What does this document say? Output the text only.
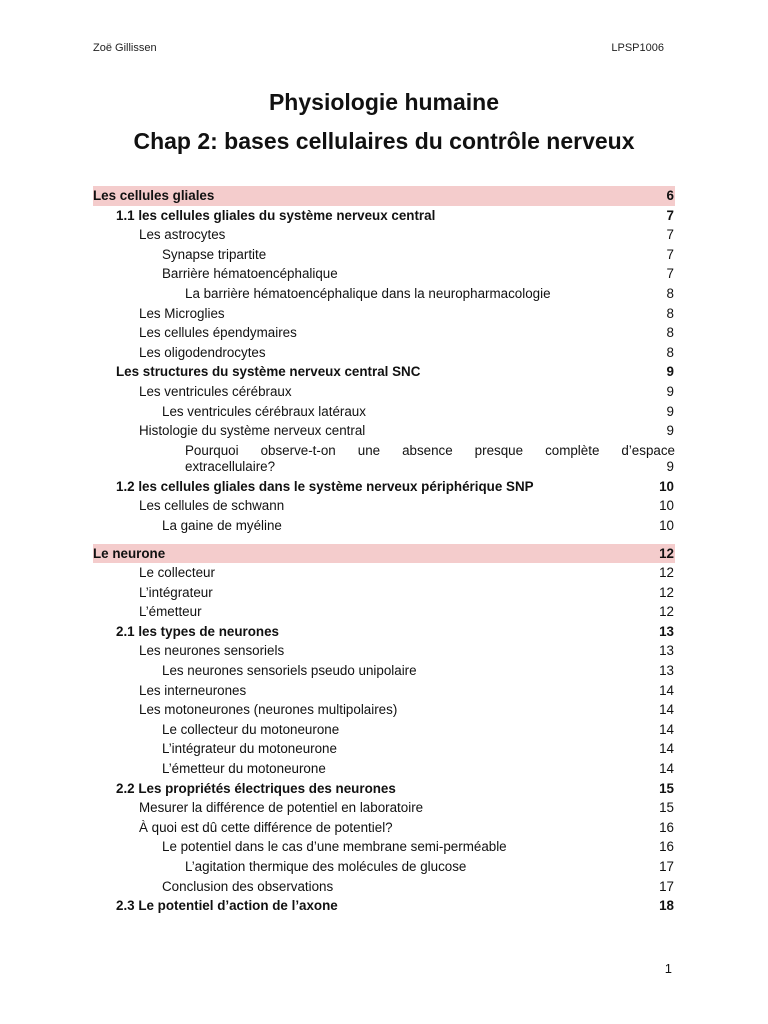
Zoë Gillissen	LPSP1006
Physiologie humaine
Chap 2: bases cellulaires du contrôle nerveux
Les cellules gliales	6
1.1 les cellules gliales du système nerveux central	7
Les astrocytes	7
Synapse tripartite	7
Barrière hématoencéphalique	7
La barrière hématoencéphalique dans la neuropharmacologie	8
Les Microglies	8
Les cellules épendymaires	8
Les oligodendrocytes	8
Les structures du système nerveux central SNC	9
Les ventricules cérébraux	9
Les ventricules cérébraux latéraux	9
Histologie du système nerveux central	9
Pourquoi observe-t-on une absence presque complète d’espace
extracellulaire?	9
1.2 les cellules gliales dans le système nerveux périphérique SNP	10
Les cellules de schwann	10
La gaine de myéline	10
Le neurone	12
Le collecteur	12
L’intégrateur	12
L’émetteur	12
2.1 les types de neurones	13
Les neurones sensoriels	13
Les neurones sensoriels pseudo unipolaire	13
Les interneurones	14
Les motoneurones (neurones multipolaires)	14
Le collecteur du motoneurone	14
L’intégrateur du motoneurone	14
L’émetteur du motoneurone	14
2.2 Les propriétés électriques des neurones	15
Mesurer la différence de potentiel en laboratoire	15
À quoi est dû cette différence de potentiel?	16
Le potentiel dans le cas d’une membrane semi-perméable	16
L’agitation thermique des molécules de glucose	17
Conclusion des observations	17
2.3 Le potentiel d’action de l’axone	18
1
